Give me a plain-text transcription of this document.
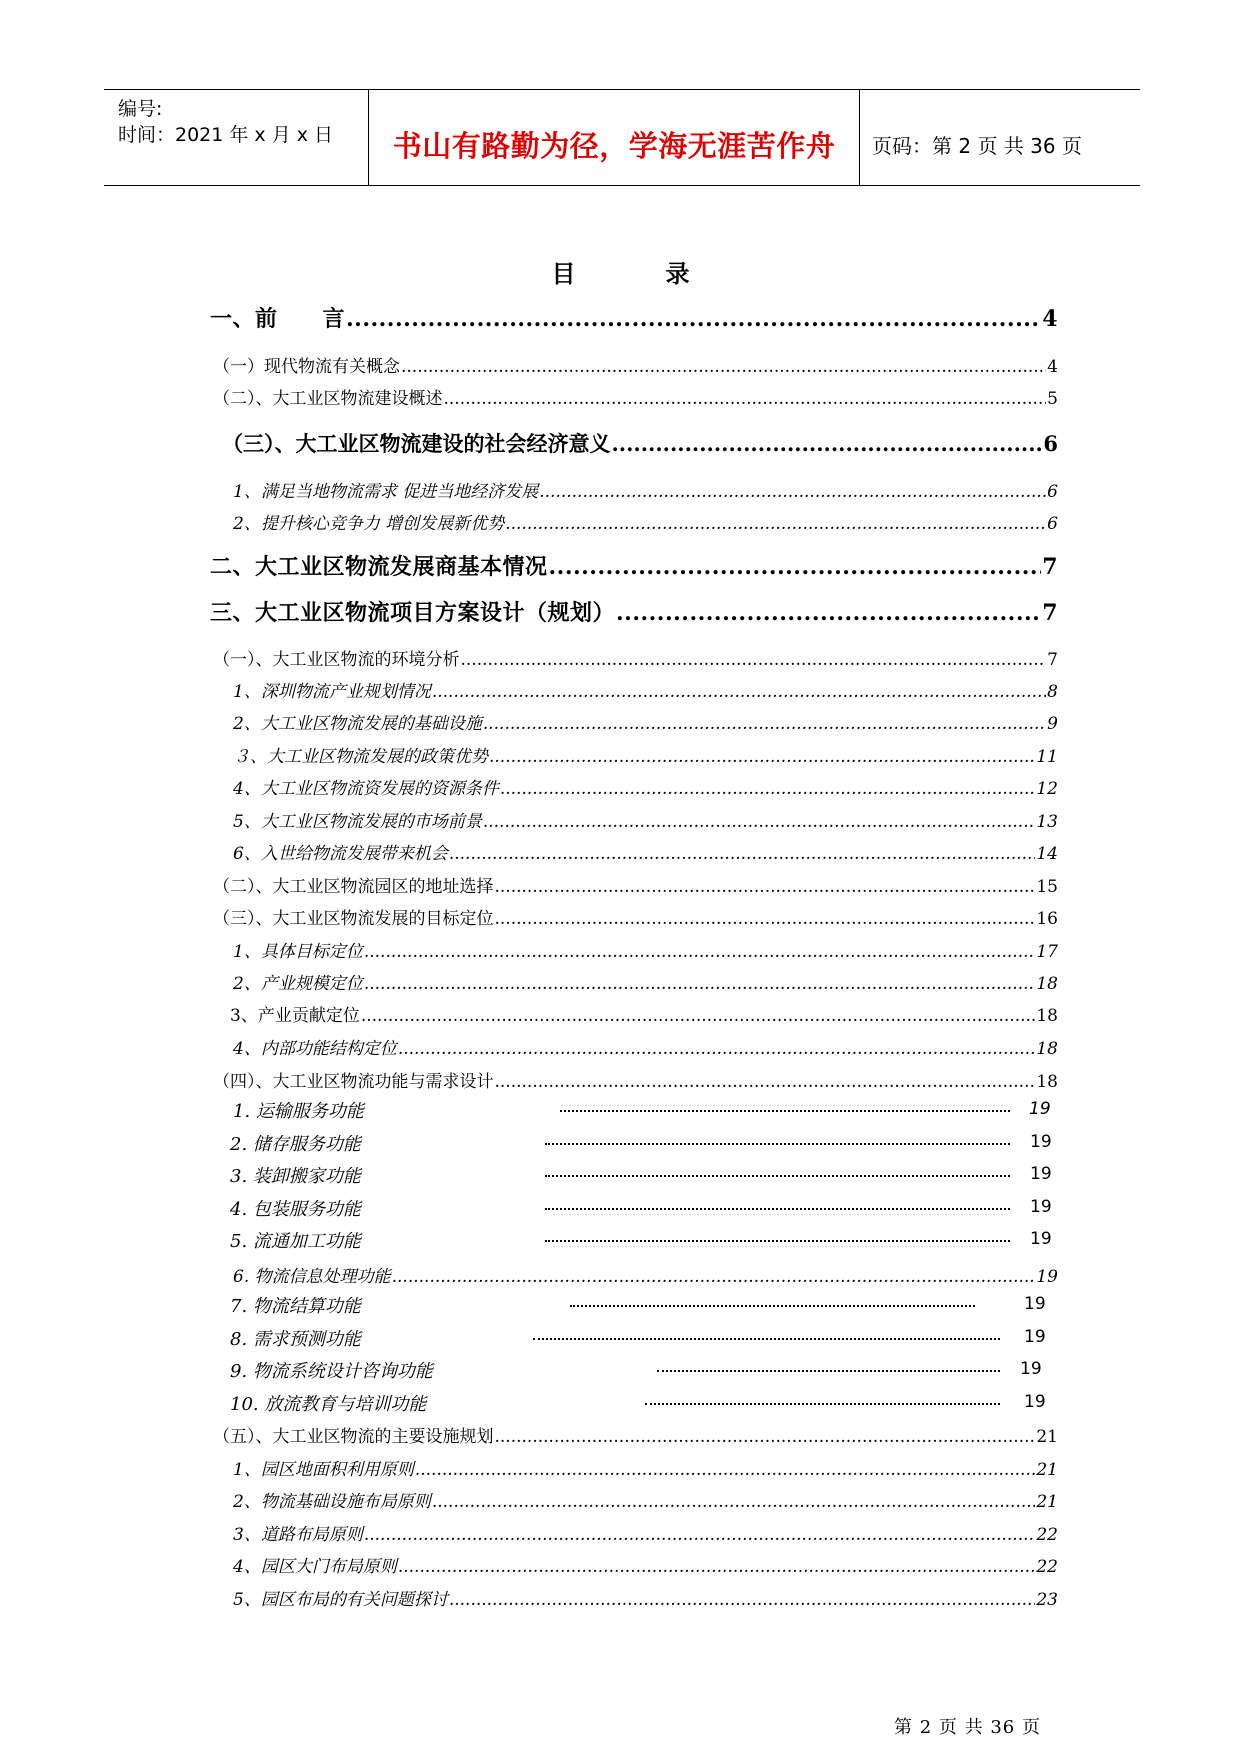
编号:
时间：2021 年 x 月 x 日 书山有路勤为径，学海无涯苦作舟 页码：第 2 页 共 36 页
目	录
一、前　　言 .....	4
（一）现代物流有关概念 .....	4
（二）、大工业区物流建设概述 .....	5
（三）、大工业区物流建设的社会经济意义 .....	6
1、满足当地物流需求 促进当地经济发展 .....	6
2、提升核心竞争力 增创发展新优势 .....	6
二、大工业区物流发展商基本情况 .....	7
三、大工业区物流项目方案设计（规划） .....	7
（一）、大工业区物流的环境分析 .....	7
1、深圳物流产业规划情况 .....	8
2、大工业区物流发展的基础设施 .....	9
３、大工业区物流发展的政策优势 .....	11
4、大工业区物流资发展的资源条件 .....	12
5、大工业区物流发展的市场前景 .....	13
6、入世给物流发展带来机会 .....	14
（二）、大工业区物流园区的地址选择 .....	15
（三）、大工业区物流发展的目标定位 .....	16
1、具体目标定位 .....	17
2、产业规模定位 .....	18
3、产业贡献定位 .....	18
4、内部功能结构定位 .....	18
（四）、大工业区物流功能与需求设计 .....	18
1. 运输服务功能	19
2. 储存服务功能	19
3. 装卸搬家功能	19
4. 包装服务功能	19
5. 流通加工功能	19
6. 物流信息处理功能 .....	19
7. 物流结算功能	19
8. 需求预测功能	19
9. 物流系统设计咨询功能	19
10. 放流教育与培训功能	19
（五）、大工业区物流的主要设施规划 .....	21
1、园区地面积利用原则 .....	21
2、物流基础设施布局原则 .....	21
3、道路布局原则 .....	22
4、园区大门布局原则 .....	22
5、园区布局的有关问题探讨 .....	23
第 2 页 共 36 页
